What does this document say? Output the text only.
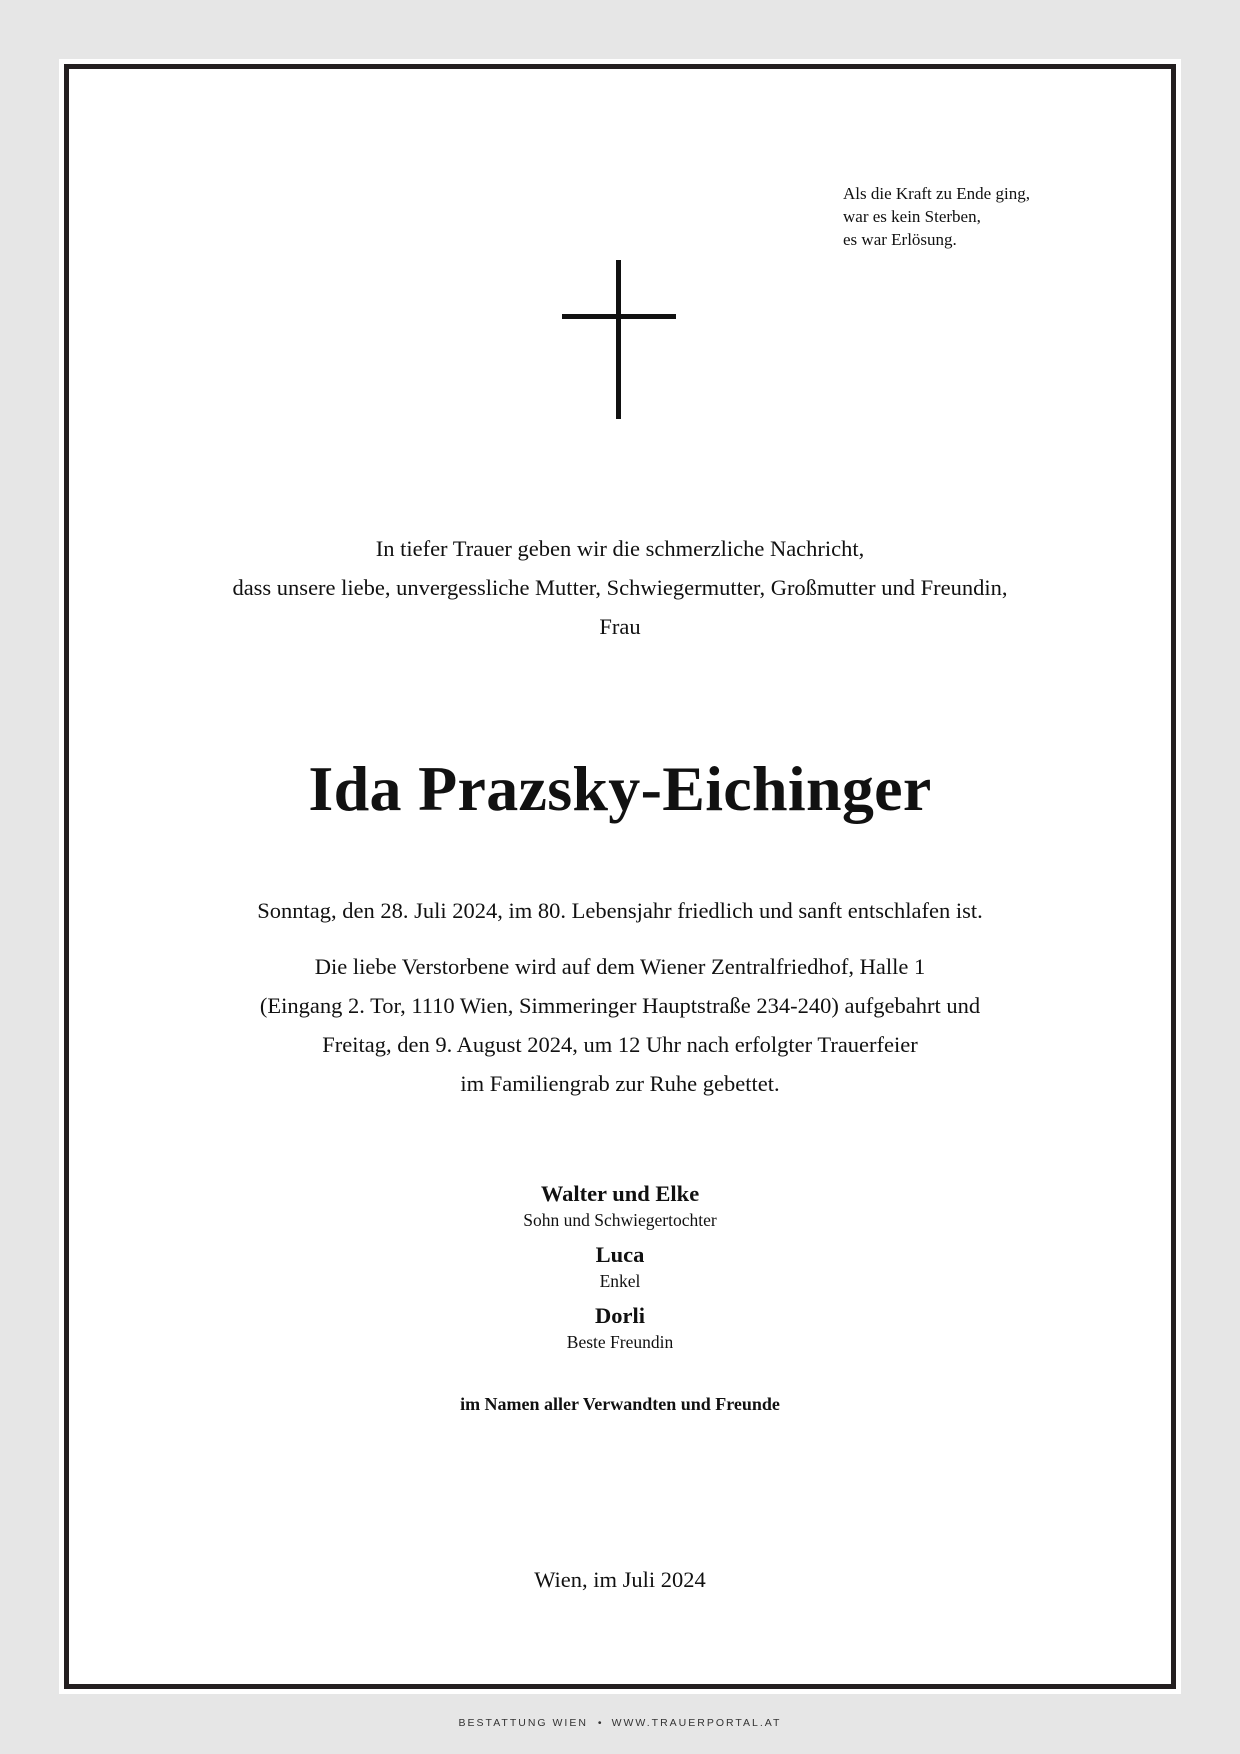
Als die Kraft zu Ende ging,
war es kein Sterben,
es war Erlösung.
In tiefer Trauer geben wir die schmerzliche Nachricht,
dass unsere liebe, unvergessliche Mutter, Schwiegermutter, Großmutter und Freundin,
Frau
Ida Prazsky-Eichinger
Sonntag, den 28. Juli 2024, im 80. Lebensjahr friedlich und sanft entschlafen ist.
Die liebe Verstorbene wird auf dem Wiener Zentralfriedhof, Halle 1
(Eingang 2. Tor, 1110 Wien, Simmeringer Hauptstraße 234-240) aufgebahrt und
Freitag, den 9. August 2024, um 12 Uhr nach erfolgter Trauerfeier
im Familiengrab zur Ruhe gebettet.
Walter und Elke
Sohn und Schwiegertochter
Luca
Enkel
Dorli
Beste Freundin
im Namen aller Verwandten und Freunde
Wien, im Juli 2024
BESTATTUNG WIEN • WWW.TRAUERPORTAL.AT
